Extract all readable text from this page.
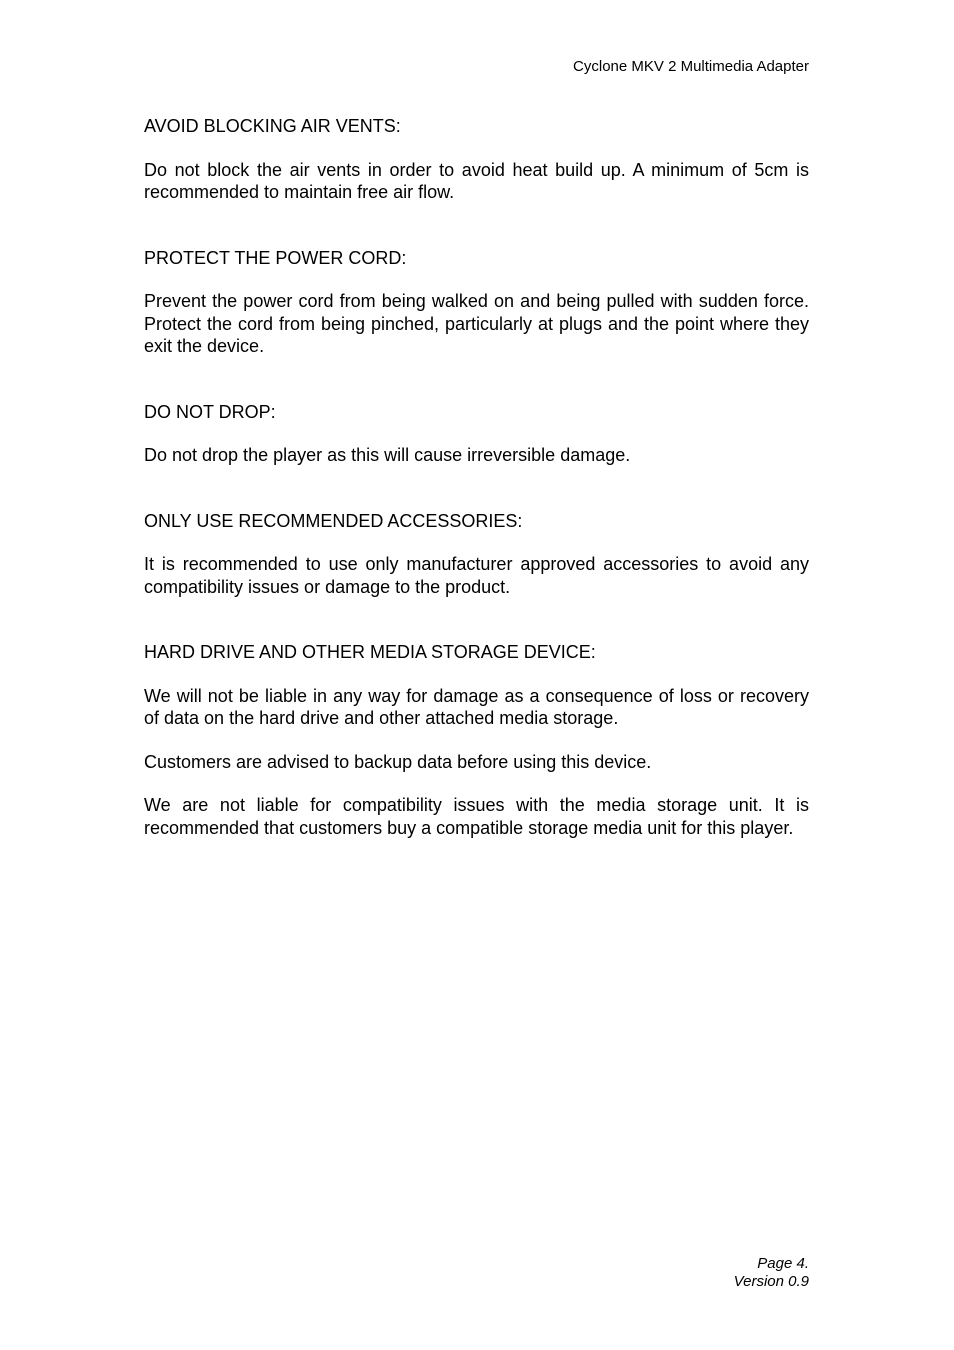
Cyclone MKV 2 Multimedia Adapter
AVOID BLOCKING AIR VENTS:

Do not block the air vents in order to avoid heat build up. A minimum of 5cm is recommended to maintain free air flow.

PROTECT THE POWER CORD:

Prevent the power cord from being walked on and being pulled with sudden force. Protect the cord from being pinched, particularly at plugs and the point where they exit the device.

DO NOT DROP:

Do not drop the player as this will cause irreversible damage.

ONLY USE RECOMMENDED ACCESSORIES:

It is recommended to use only manufacturer approved accessories to avoid any compatibility issues or damage to the product.

HARD DRIVE AND OTHER MEDIA STORAGE DEVICE:

We will not be liable in any way for damage as a consequence of loss or recovery of data on the hard drive and other attached media storage.

Customers are advised to backup data before using this device.

We are not liable for compatibility issues with the media storage unit. It is recommended that customers buy a compatible storage media unit for this player.

Page 4.
Version 0.9
